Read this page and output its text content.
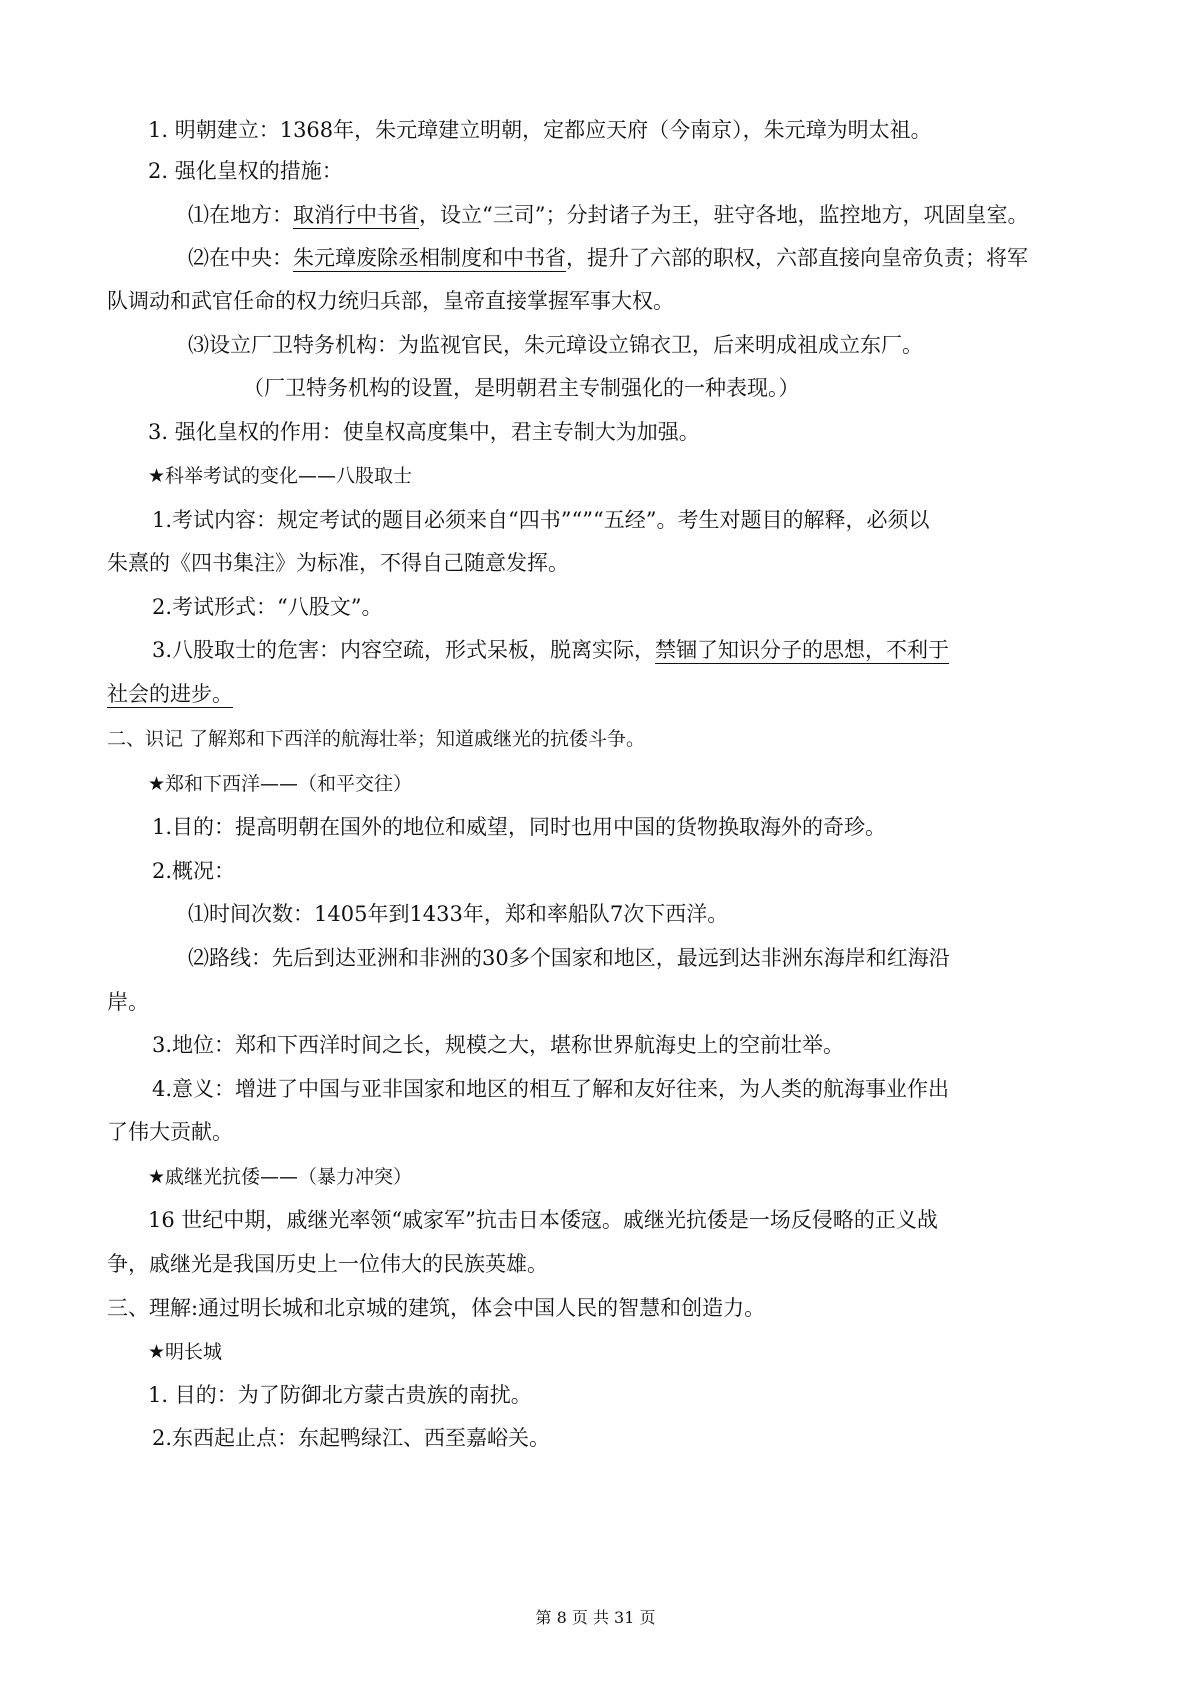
1. 明朝建立：1368年，朱元璋建立明朝，定都应天府（今南京），朱元璋为明太祖。
2. 强化皇权的措施：
⑴在地方：取消行中书省，设立“三司”；分封诸子为王，驻守各地，监控地方，巩固皇室。
⑵在中央：朱元璋废除丞相制度和中书省，提升了六部的职权，六部直接向皇帝负责；将军
队调动和武官任命的权力统归兵部，皇帝直接掌握军事大权。
⑶设立厂卫特务机构：为监视官民，朱元璋设立锦衣卫，后来明成祖成立东厂。
（厂卫特务机构的设置，是明朝君主专制强化的一种表现。）
3. 强化皇权的作用：使皇权高度集中，君主专制大为加强。
★科举考试的变化——八股取士
1.考试内容：规定考试的题目必须来自“四书”“”“五经”。考生对题目的解释，必须以
朱熹的《四书集注》为标准，不得自己随意发挥。
2.考试形式：“八股文”。
3.八股取士的危害：内容空疏，形式呆板，脱离实际，禁锢了知识分子的思想，不利于
社会的进步。
二、识记 了解郑和下西洋的航海壮举；知道戚继光的抗倭斗争。
★郑和下西洋——（和平交往）
1.目的：提高明朝在国外的地位和威望，同时也用中国的货物换取海外的奇珍。
2.概况：
⑴时间次数：1405年到1433年，郑和率船队7次下西洋。
⑵路线：先后到达亚洲和非洲的30多个国家和地区，最远到达非洲东海岸和红海沿
岸。
3.地位：郑和下西洋时间之长，规模之大，堪称世界航海史上的空前壮举。
4.意义：增进了中国与亚非国家和地区的相互了解和友好往来，为人类的航海事业作出
了伟大贡献。
★戚继光抗倭——（暴力冲突）
16 世纪中期，戚继光率领“戚家军”抗击日本倭寇。戚继光抗倭是一场反侵略的正义战
争，戚继光是我国历史上一位伟大的民族英雄。
三、理解:通过明长城和北京城的建筑，体会中国人民的智慧和创造力。
★明长城
1. 目的：为了防御北方蒙古贵族的南扰。
2.东西起止点：东起鸭绿江、西至嘉峪关。
第 8 页 共 31 页
